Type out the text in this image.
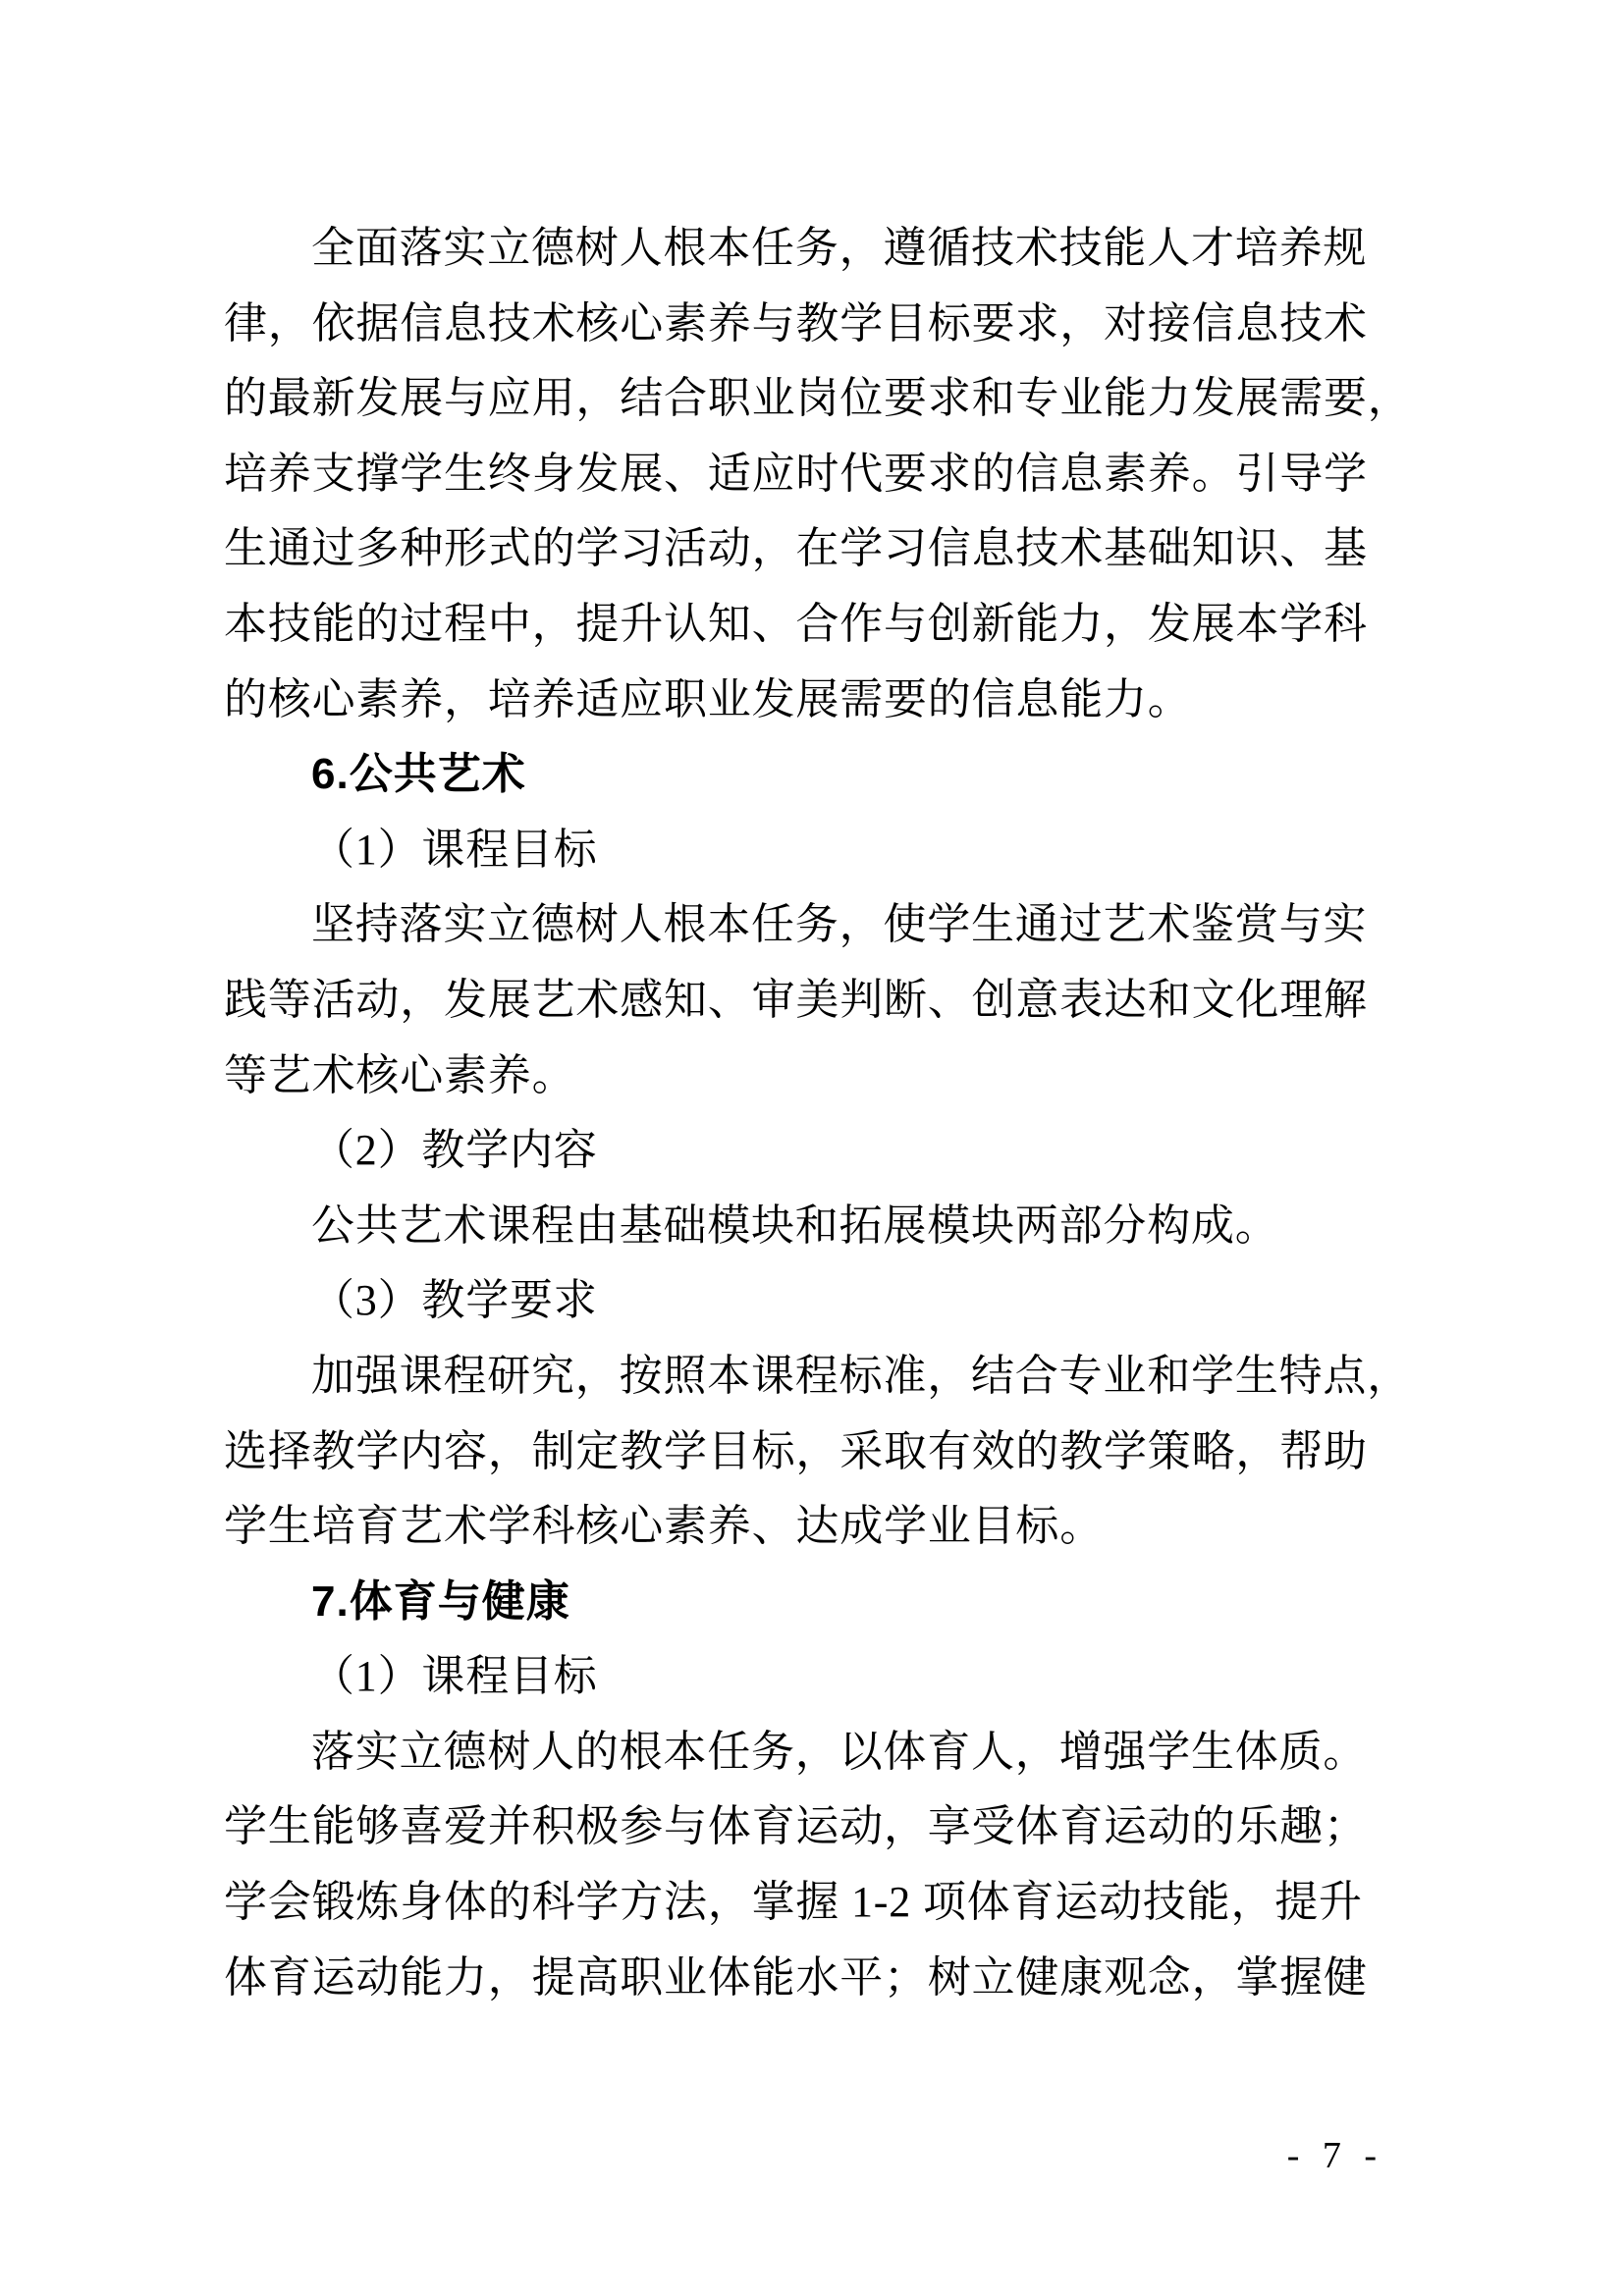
全面落实立德树人根本任务，遵循技术技能人才培养规
律，依据信息技术核心素养与教学目标要求，对接信息技术
的最新发展与应用，结合职业岗位要求和专业能力发展需要，
培养支撑学生终身发展、适应时代要求的信息素养。引导学
生通过多种形式的学习活动，在学习信息技术基础知识、基
本技能的过程中，提升认知、合作与创新能力，发展本学科
的核心素养，培养适应职业发展需要的信息能力。
6.公共艺术
（1）课程目标
坚持落实立德树人根本任务，使学生通过艺术鉴赏与实
践等活动，发展艺术感知、审美判断、创意表达和文化理解
等艺术核心素养。
（2）教学内容
公共艺术课程由基础模块和拓展模块两部分构成。
（3）教学要求
加强课程研究，按照本课程标准，结合专业和学生特点，
选择教学内容，制定教学目标，采取有效的教学策略，帮助
学生培育艺术学科核心素养、达成学业目标。
7.体育与健康
（1）课程目标
落实立德树人的根本任务，以体育人，增强学生体质。
学生能够喜爱并积极参与体育运动，享受体育运动的乐趣；
学会锻炼身体的科学方法，掌握 1-2 项体育运动技能，提升
体育运动能力，提高职业体能水平；树立健康观念，掌握健
- 7 -
